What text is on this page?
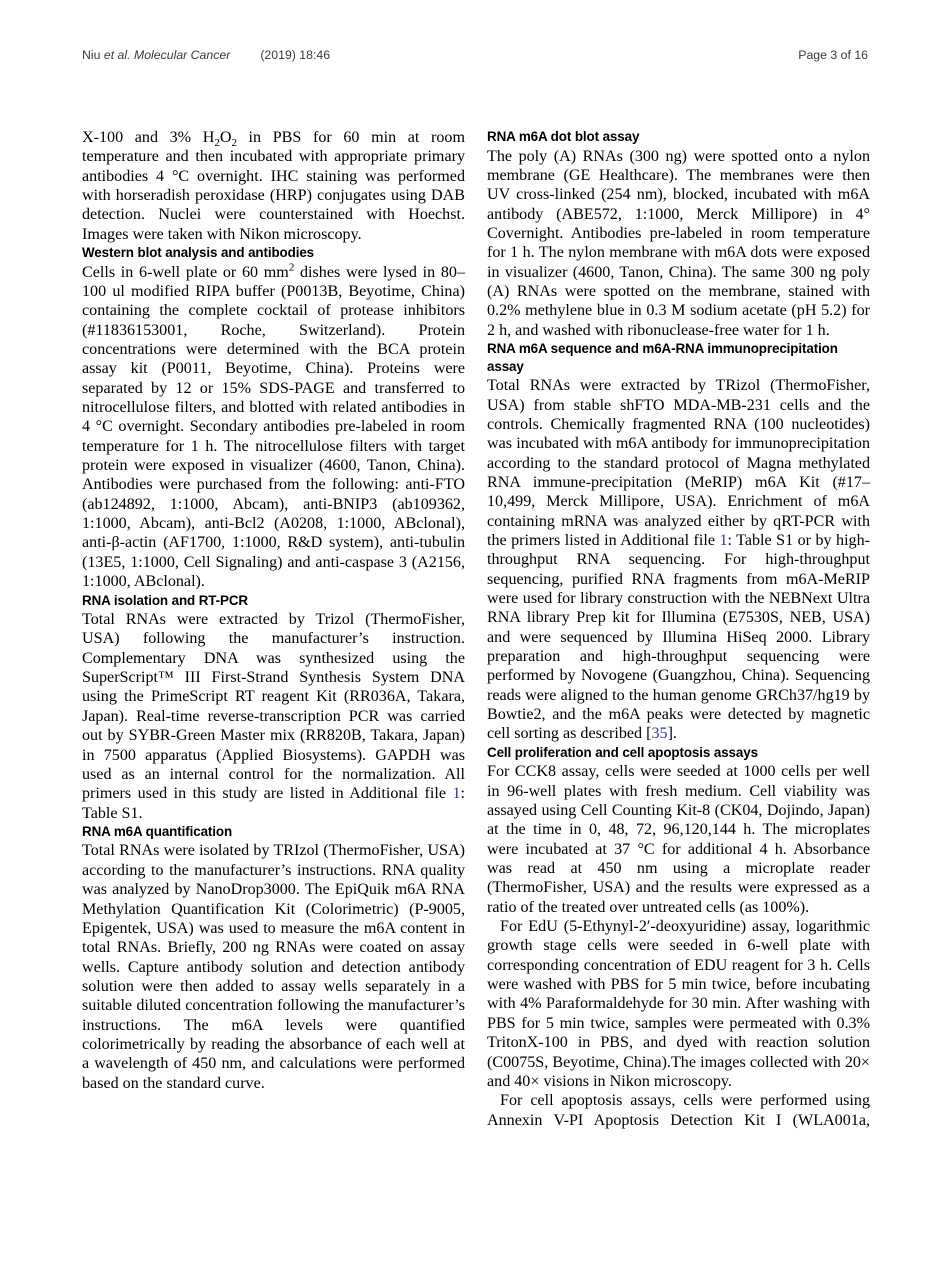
Niu
et al. Molecular Cancer (2019) 18:46	Page 3 of 16

X-100 and 3% $H_2O_2$ in PBS for 60 min at room temperature and then incubated with appropriate primary antibodies 4 °C overnight. IHC staining was performed with horseradish peroxidase (HRP) conjugates using DAB detection. Nuclei were counterstained with Hoechst. Images were taken with Nikon microscopy.

Western blot analysis and antibodies

Cells in 6-well plate or 60 $mm^2$ dishes were lysed in 80–100 ul modified RIPA buffer (P0013B, Beyotime, China) containing the complete cocktail of protease inhibitors (#11836153001, Roche, Switzerland). Protein concentrations were determined with the BCA protein assay kit (P0011, Beyotime, China). Proteins were separated by 12 or 15% SDS-PAGE and transferred to nitrocellulose filters, and blotted with related antibodies in 4 °C overnight. Secondary antibodies pre-labeled in room temperature for 1 h. The nitrocellulose filters with target protein were exposed in visualizer (4600, Tanon, China). Antibodies were purchased from the following: anti-FTO (ab124892, 1:1000, Abcam), anti-BNIP3 (ab109362, 1:1000, Abcam), anti-Bcl2 (A0208, 1:1000, ABclonal), anti-β-actin (AF1700, 1:1000, R&D system), anti-tubulin (13E5, 1:1000, Cell Signaling) and anti-caspase 3 (A2156, 1:1000, ABclonal).

RNA isolation and RT-PCR

Total RNAs were extracted by Trizol (ThermoFisher, USA) following the manufacturer’s instruction. Complementary DNA was synthesized using the SuperScript™ III First-Strand Synthesis System DNA using the PrimeScript RT reagent Kit (RR036A, Takara, Japan). Real-time reverse-transcription PCR was carried out by SYBR-Green Master mix (RR820B, Takara, Japan) in 7500 apparatus (Applied Biosystems). GAPDH was used as an internal control for the normalization. All primers used in this study are listed in Additional file 1: Table S1.

RNA m6A quantification

Total RNAs were isolated by TRIzol (ThermoFisher, USA) according to the manufacturer’s instructions. RNA quality was analyzed by NanoDrop3000. The EpiQuik m6A RNA Methylation Quantification Kit (Colorimetric) (P-9005, Epigentek, USA) was used to measure the m6A content in total RNAs. Briefly, 200 ng RNAs were coated on assay wells. Capture antibody solution and detection antibody solution were then added to assay wells separately in a suitable diluted concentration following the manufacturer’s instructions. The m6A levels were quantified colorimetrically by reading the absorbance of each well at a wavelength of 450 nm, and calculations were performed based on the standard curve.

RNA m6A dot blot assay

The poly (A) RNAs (300 ng) were spotted onto a nylon membrane (GE Healthcare). The membranes were then UV cross-linked (254 nm), blocked, incubated with m6A antibody (ABE572, 1:1000, Merck Millipore) in 4° Covernight. Antibodies pre-labeled in room temperature for 1 h. The nylon membrane with m6A dots were exposed in visualizer (4600, Tanon, China). The same 300 ng poly (A) RNAs were spotted on the membrane, stained with 0.2% methylene blue in 0.3 M sodium acetate (pH 5.2) for 2 h, and washed with ribonuclease-free water for 1 h.

RNA m6A sequence and m6A-RNA immunoprecipitation assay

Total RNAs were extracted by TRizol (ThermoFisher, USA) from stable shFTO MDA-MB-231 cells and the controls. Chemically fragmented RNA (100 nucleotides) was incubated with m6A antibody for immunoprecipitation according to the standard protocol of Magna methylated RNA immune-precipitation (MeRIP) m6A Kit (#17–10,499, Merck Millipore, USA). Enrichment of m6A containing mRNA was analyzed either by qRT-PCR with the primers listed in Additional file 1: Table S1 or by high-throughput RNA sequencing. For high-throughput sequencing, purified RNA fragments from m6A-MeRIP were used for library construction with the NEBNext Ultra RNA library Prep kit for Illumina (E7530S, NEB, USA) and were sequenced by Illumina HiSeq 2000. Library preparation and high-throughput sequencing were performed by Novogene (Guangzhou, China). Sequencing reads were aligned to the human genome GRCh37/hg19 by Bowtie2, and the m6A peaks were detected by magnetic cell sorting as described [35].

Cell proliferation and cell apoptosis assays

For CCK8 assay, cells were seeded at 1000 cells per well in 96-well plates with fresh medium. Cell viability was assayed using Cell Counting Kit-8 (CK04, Dojindo, Japan) at the time in 0, 48, 72, 96,120,144 h. The microplates were incubated at 37 °C for additional 4 h. Absorbance was read at 450 nm using a microplate reader (ThermoFisher, USA) and the results were expressed as a ratio of the treated over untreated cells (as 100%).

For EdU (5-Ethynyl-2′-deoxyuridine) assay, logarithmic growth stage cells were seeded in 6-well plate with corresponding concentration of EDU reagent for 3 h. Cells were washed with PBS for 5 min twice, before incubating with 4% Paraformaldehyde for 30 min. After washing with PBS for 5 min twice, samples were permeated with 0.3% TritonX-100 in PBS, and dyed with reaction solution (C0075S, Beyotime, China).The images collected with 20× and 40× visions in Nikon microscopy.

For cell apoptosis assays, cells were performed using Annexin V-PI Apoptosis Detection Kit I (WLA001a,
